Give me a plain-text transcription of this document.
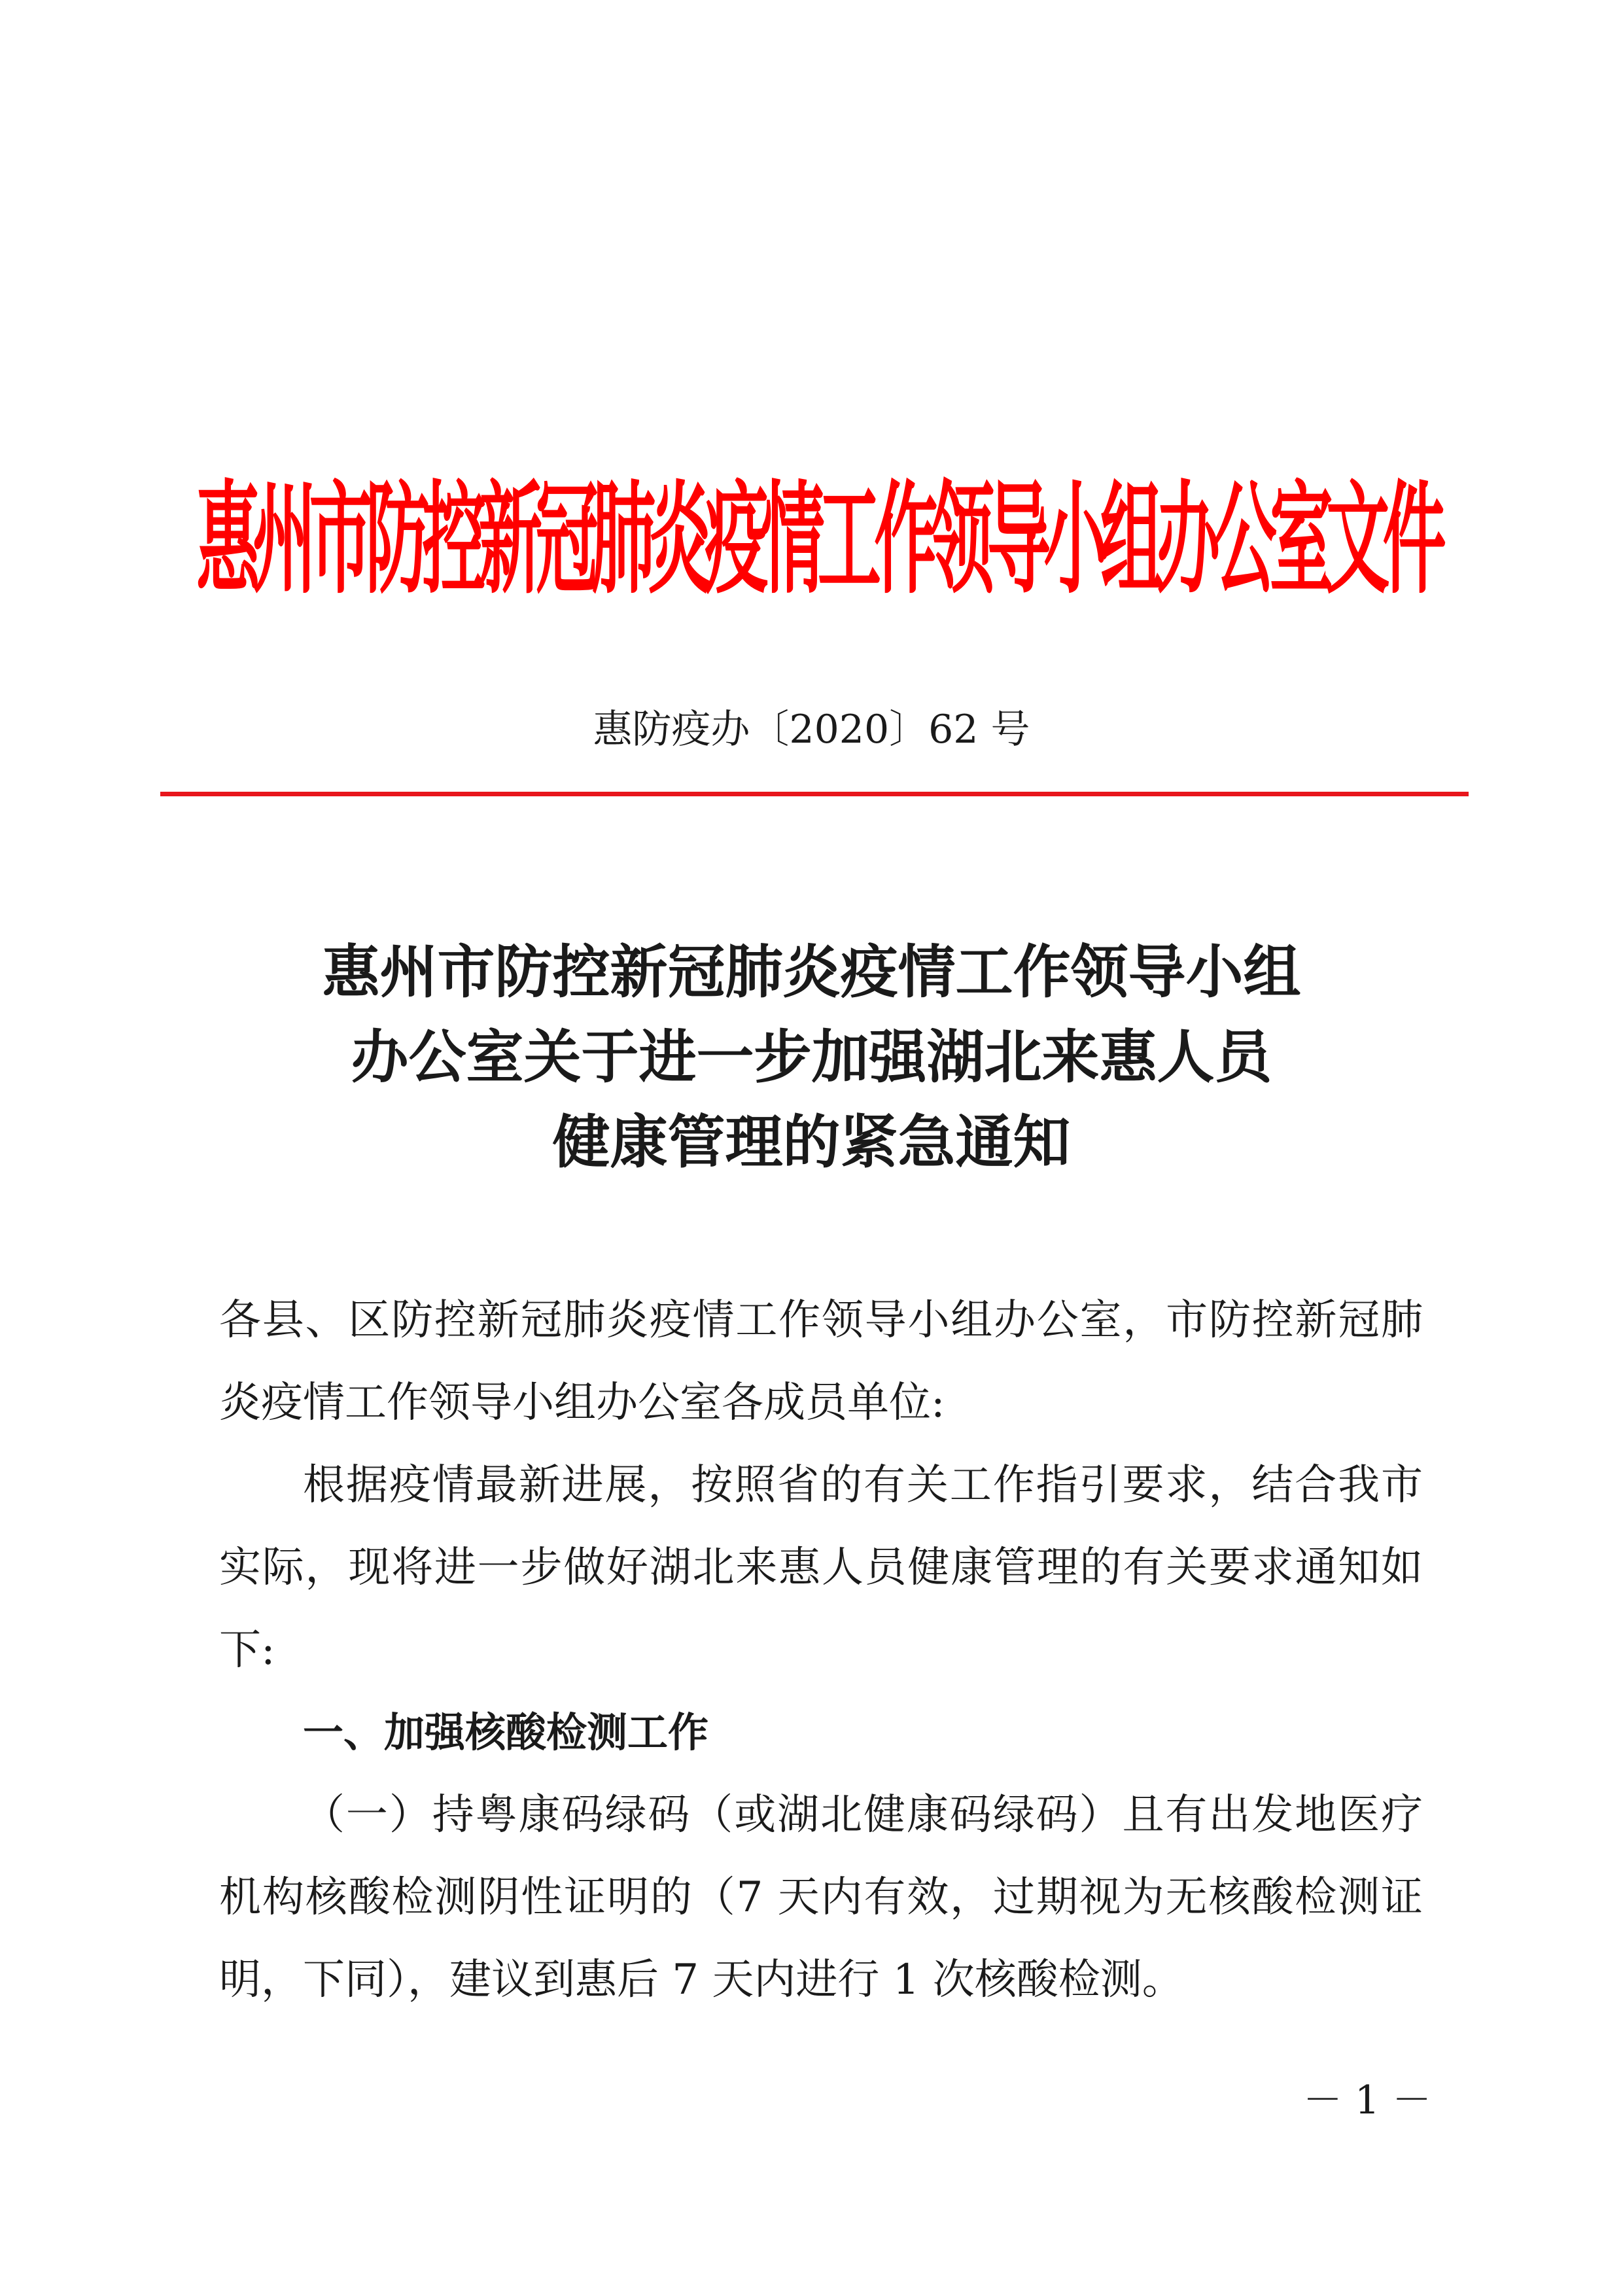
惠州市防控新冠肺炎疫情工作领导小组办公室文件
惠防疫办〔2020〕62 号
惠州市防控新冠肺炎疫情工作领导小组
办公室关于进一步加强湖北来惠人员
健康管理的紧急通知

各县、区防控新冠肺炎疫情工作领导小组办公室，市防控新冠肺炎疫情工作领导小组办公室各成员单位:

根据疫情最新进展，按照省的有关工作指引要求，结合我市实际，现将进一步做好湖北来惠人员健康管理的有关要求通知如下:

一、加强核酸检测工作

（一）持粤康码绿码（或湖北健康码绿码）且有出发地医疗机构核酸检测阴性证明的（7 天内有效，过期视为无核酸检测证明，下同），建议到惠后 7 天内进行 1 次核酸检测。

－ 1 －
